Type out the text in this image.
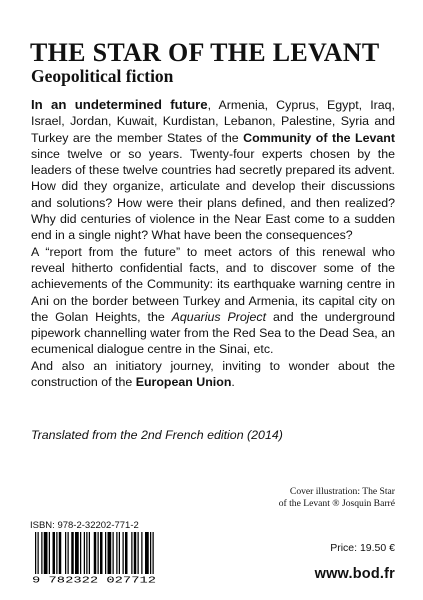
THE STAR OF THE LEVANT
Geopolitical fiction

In an undetermined future, Armenia, Cyprus, Egypt, Iraq, Israel, Jordan, Kuwait, Kurdistan, Lebanon, Palestine, Syria and Turkey are the member States of the Community of the Levant since twelve or so years. Twenty-four experts chosen by the leaders of these twelve countries had secretly prepared its advent. How did they organize, articulate and develop their discussions and solutions? How were their plans defined, and then realized? Why did centuries of violence in the Near East come to a sudden end in a single night? What have been the consequences?

A “report from the future” to meet actors of this renewal who reveal hitherto confidential facts, and to discover some of the achievements of the Community: its earthquake warning centre in Ani on the border between Turkey and Armenia, its capital city on the Golan Heights, the Aquarius Project and the underground pipework channelling water from the Red Sea to the Dead Sea, an ecumenical dialogue centre in the Sinai, etc.

And also an initiatory journey, inviting to wonder about the construction of the European Union.

Translated from the 2nd French edition (2014)
Cover illustration: The Star
of the Levant ® Josquin Barré
ISBN: 978-2-32202-771-2
9 782322 027712
Price: 19.50 €
www.bod.fr
